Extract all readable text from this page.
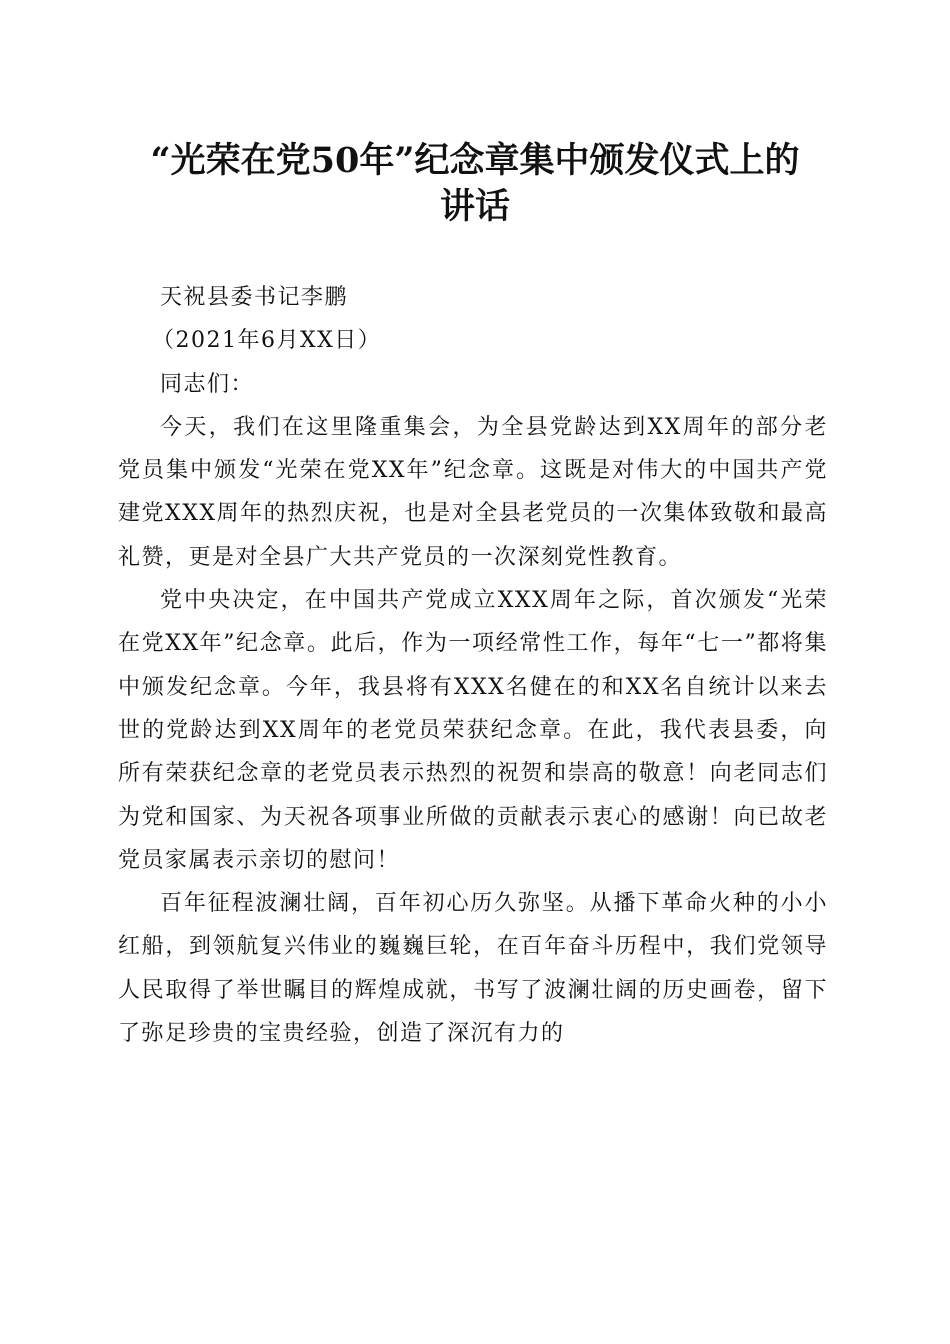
“光荣在党50年”纪念章集中颁发仪式上的
讲话

天祝县委书记李鹏

（2021年6月XX日）

同志们：

今天，我们在这里隆重集会，为全县党龄达到XX周年的部分老党员集中颁发“光荣在党XX年”纪念章。这既是对伟大的中国共产党建党XXX周年的热烈庆祝，也是对全县老党员的一次集体致敬和最高礼赞，更是对全县广大共产党员的一次深刻党性教育。

党中央决定，在中国共产党成立XXX周年之际，首次颁发“光荣在党XX年”纪念章。此后，作为一项经常性工作，每年“七一”都将集中颁发纪念章。今年，我县将有XXX名健在的和XX名自统计以来去世的党龄达到XX周年的老党员荣获纪念章。在此，我代表县委，向所有荣获纪念章的老党员表示热烈的祝贺和崇高的敬意！向老同志们为党和国家、为天祝各项事业所做的贡献表示衷心的感谢！向已故老党员家属表示亲切的慰问！

百年征程波澜壮阔，百年初心历久弥坚。从播下革命火种的小小红船，到领航复兴伟业的巍巍巨轮，在百年奋斗历程中，我们党领导人民取得了举世瞩目的辉煌成就，书写了波澜壮阔的历史画卷，留下了弥足珍贵的宝贵经验，创造了深沉有力的
